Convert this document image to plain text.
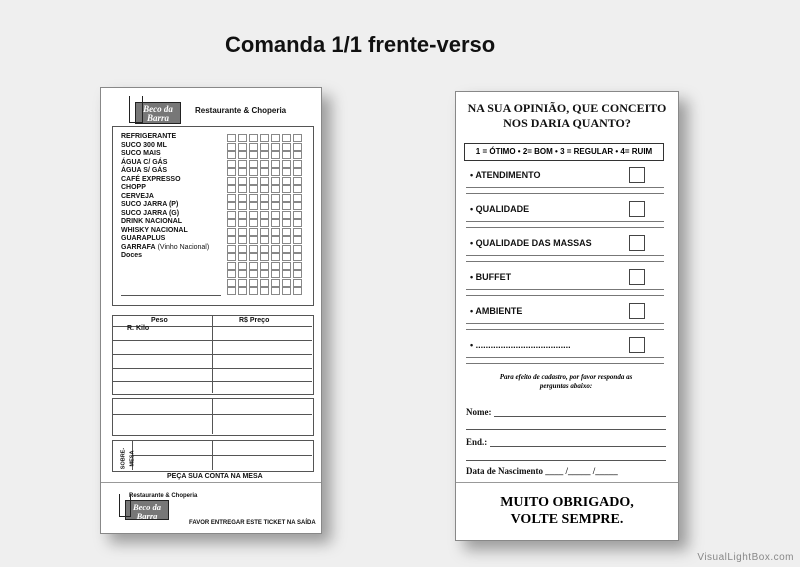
Comanda 1/1 frente-verso
Beco da Barra
Restaurante & Choperia
REFRIGERANTE
SUCO 300 ML
SUCO MAIS
ÁGUA C/ GÁS
ÁGUA S/ GÁS
CAFÉ EXPRESSO
CHOPP
CERVEJA
SUCO JARRA (P)
SUCO JARRA (G)
DRINK NACIONAL
WHISKY NACIONAL
GUARAPLUS
GARRAFA (Vinho Nacional)
Doces
Peso	R$ Preço
R. Kilo
SOBRE-MESA
PEÇA SUA CONTA NA MESA
Restaurante & Choperia
Beco da Barra
FAVOR ENTREGAR ESTE TICKET NA SAÍDA
NA SUA OPINIÃO, QUE CONCEITO NOS DARIA QUANTO?
1 = ÓTIMO • 2= BOM • 3 = REGULAR • 4= RUIM
Para efeito de cadastro, por favor responda as perguntas abaixo:
Nome:
End.:
Data de Nascimento ____ /_____ /_____
MUITO OBRIGADO, VOLTE SEMPRE.
• ATENDIMENTO
• QUALIDADE
• QUALIDADE DAS MASSAS
• BUFFET
• AMBIENTE
• ......................................
VisualLightBox.com
